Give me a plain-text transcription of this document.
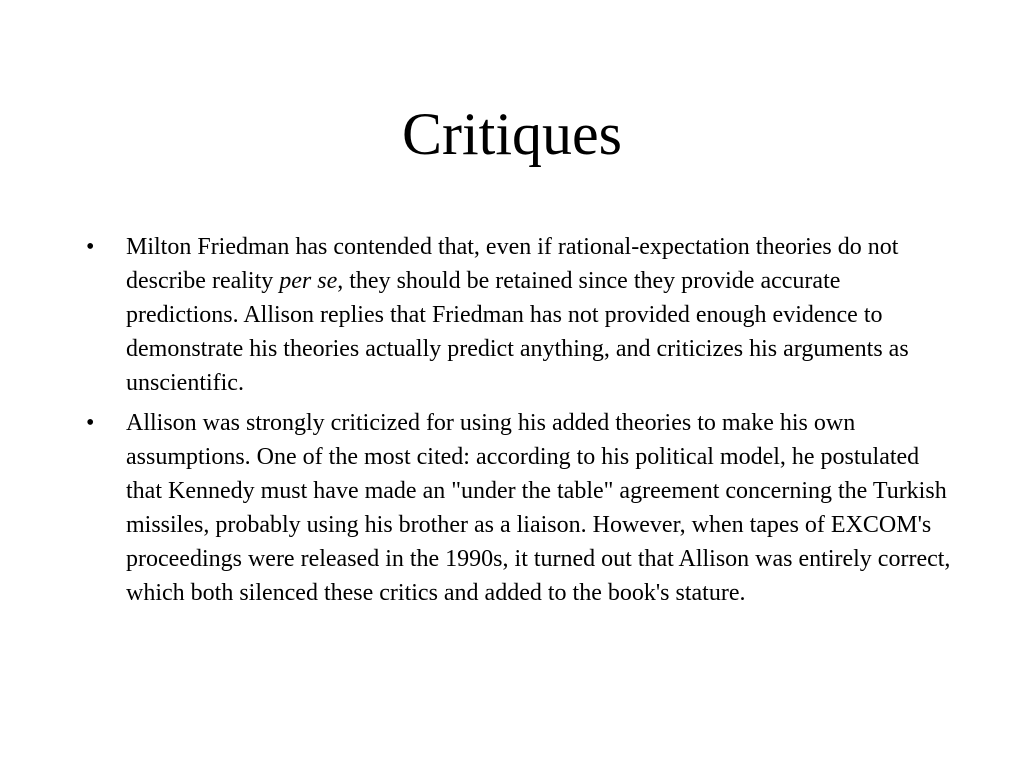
Critiques
•	Milton Friedman has contended that, even if rational-expectation theories do not describe reality per se, they should be retained since they provide accurate predictions. Allison replies that Friedman has not provided enough evidence to demonstrate his theories actually predict anything, and criticizes his arguments as unscientific.
•	Allison was strongly criticized for using his added theories to make his own assumptions. One of the most cited: according to his political model, he postulated that Kennedy must have made an "under the table" agreement concerning the Turkish missiles, probably using his brother as a liaison. However, when tapes of EXCOM's proceedings were released in the 1990s, it turned out that Allison was entirely correct, which both silenced these critics and added to the book's stature.
